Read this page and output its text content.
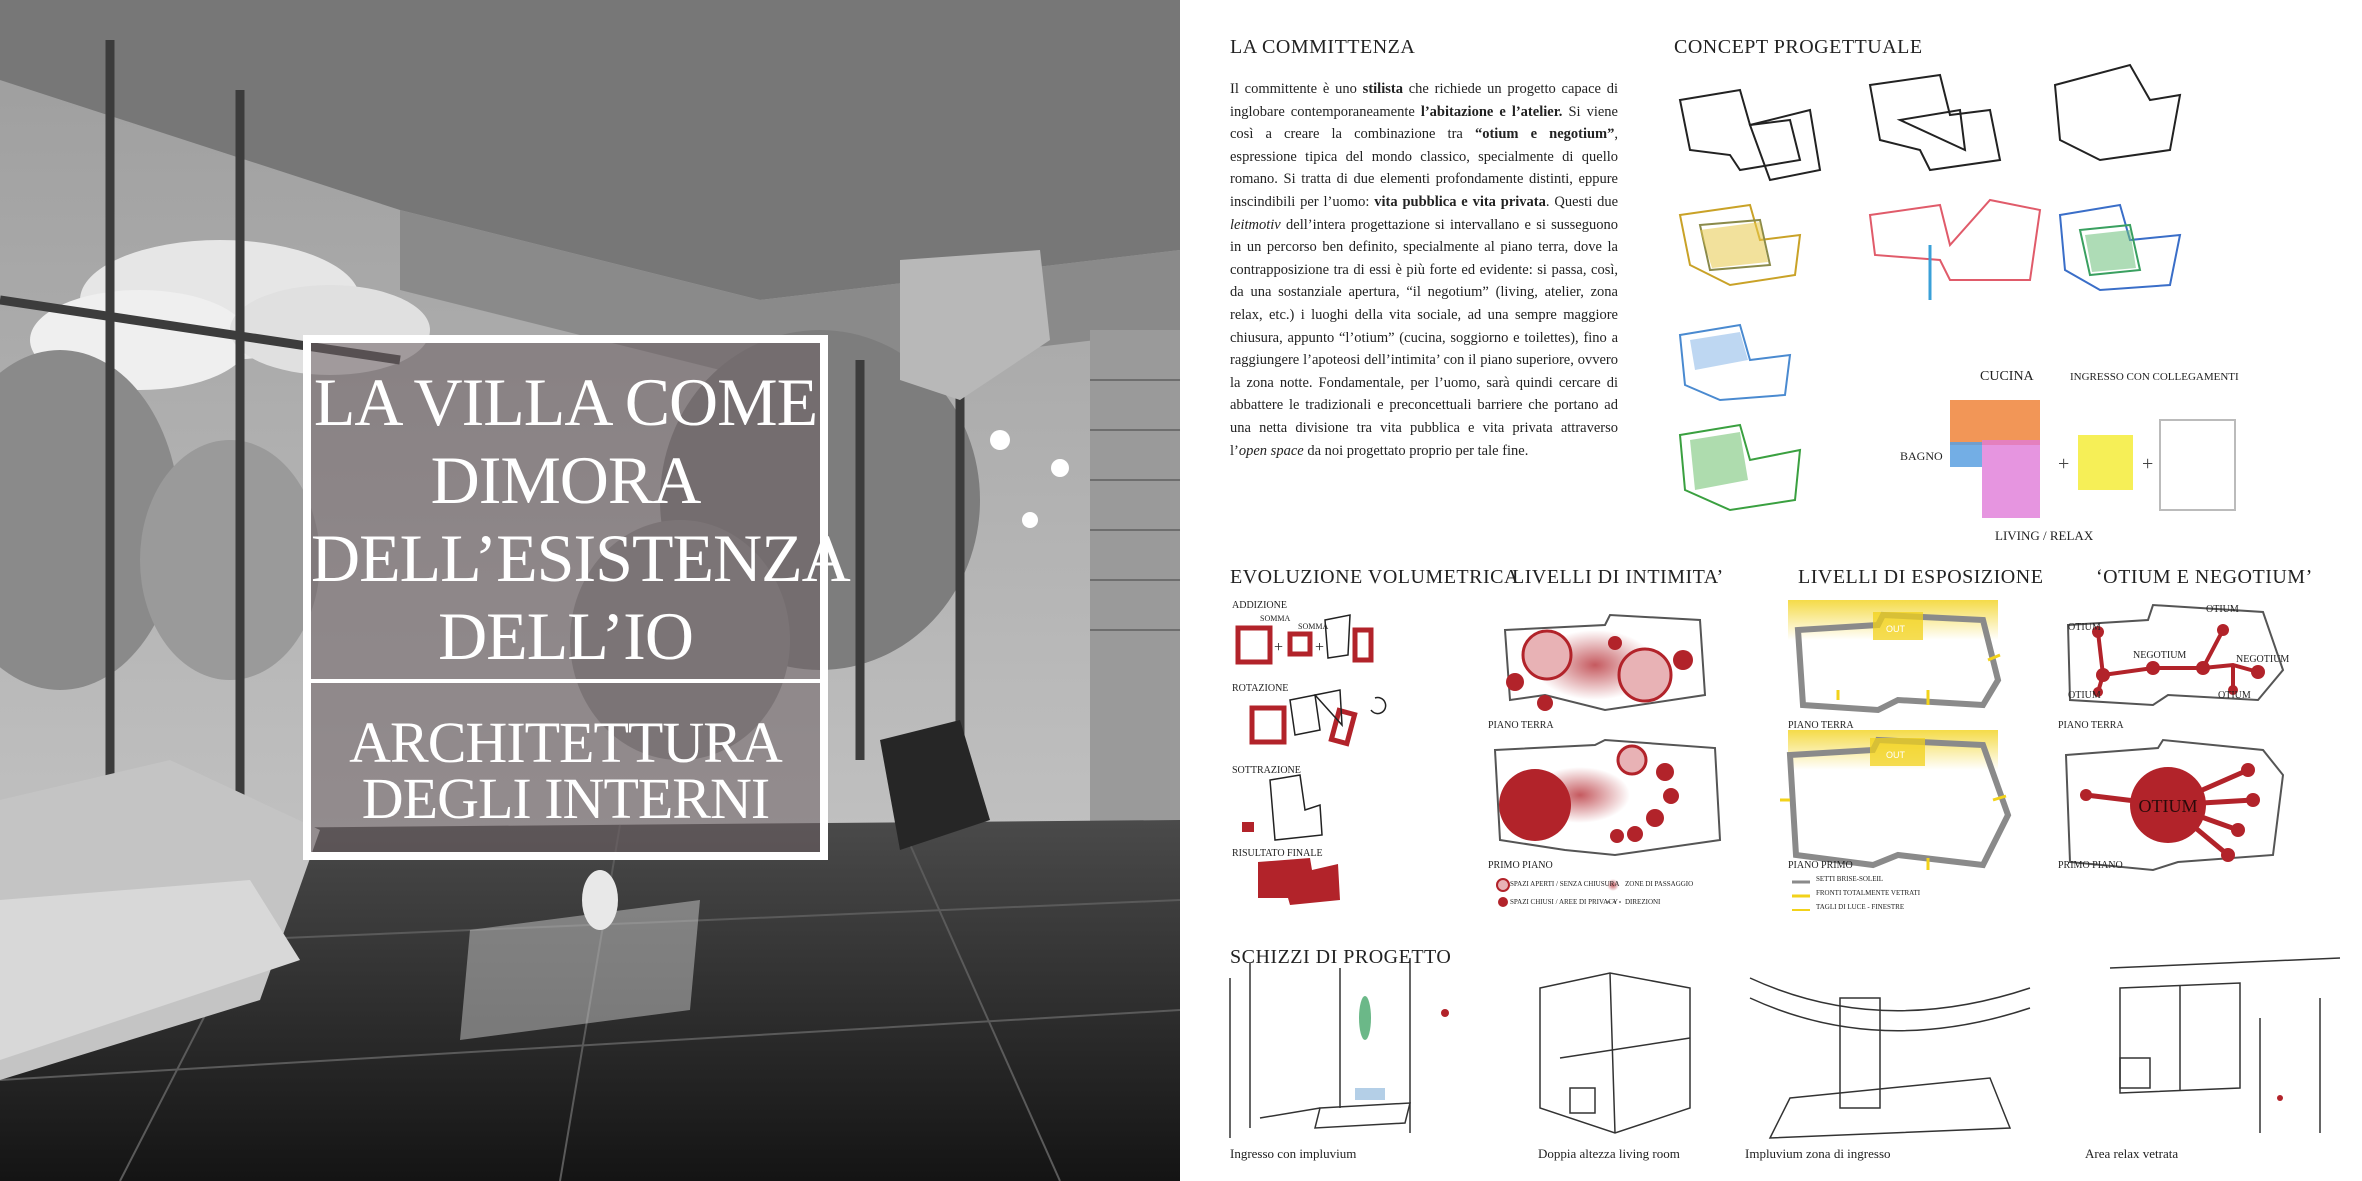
LA VILLA COME
DIMORA
DELL’ESISTENZA
DELL’IO
ARCHITETTURA
DEGLI INTERNI
LA COMMITTENZA
Il committente è uno stilista che richiede un progetto capace di inglobare contemporaneamente l’abitazione e l’atelier. Si viene così a creare la combinazione tra “otium e negotium”, espressione tipica del mondo classico, specialmente di quello romano. Si tratta di due elementi profondamente distinti, eppure inscindibili per l’uomo: vita pubblica e vita privata. Questi due leitmotiv dell’intera progettazione si intervallano e si susseguono in un percorso ben definito, specialmente al piano terra, dove la contrapposizione tra di essi è più forte ed evidente: si passa, così, da una sostanziale apertura, “il negotium” (living, atelier, zona relax, etc.) i luoghi della vita sociale, ad una sempre maggiore chiusura, appunto “l’otium” (cucina, soggiorno e toilettes), fino a raggiungere l’apoteosi dell’intimita’ con il piano superiore, ovvero la zona notte. Fondamentale, per l’uomo, sarà quindi cercare di abbattere le tradizionali e preconcettuali barriere che portano ad una netta divisione tra vita pubblica e vita privata attraverso l’open space da noi progettato proprio per tale fine.
CONCEPT PROGETTUALE
CUCINA	INGRESSO CON COLLEGAMENTI
BAGNO
LIVING / RELAX
+	+
EVOLUZIONE VOLUMETRICA
ADDIZIONE
ROTAZIONE
SOTTRAZIONE
RISULTATO FINALE
SOMMA
SOMMA
+ +
LIVELLI DI INTIMITA’
PIANO TERRA
PRIMO PIANO
SPAZI APERTI / SENZA CHIUSURA ZONE DI PASSAGGIO
SPAZI CHIUSI / AREE DI PRIVACY DIREZIONI
LIVELLI DI ESPOSIZIONE
OUT
OUT
PIANO TERRA
PIANO PRIMO
SETTI BRISE-SOLEIL
FRONTI TOTALMENTE VETRATI
TAGLI DI LUCE - FINESTRE
‘OTIUM E NEGOTIUM’
OTIUM
NEGOTIUM
OTIUM
NEGOTIUM
OTIUM	OTIUM
OTIUM
PIANO TERRA
PRIMO PIANO
SCHIZZI DI PROGETTO
Ingresso con impluvium	Doppia altezza living room	Impluvium zona di ingresso	Area relax vetrata
